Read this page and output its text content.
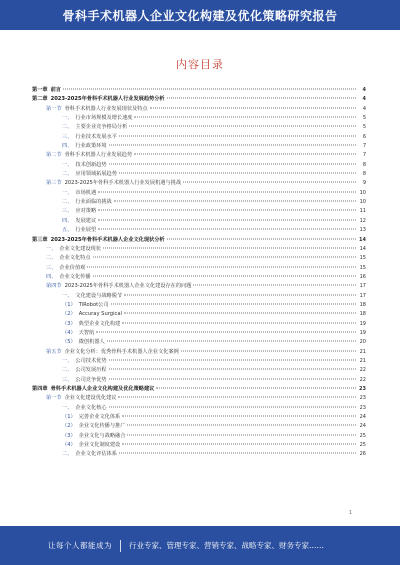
骨科手术机器人企业文化构建及优化策略研究报告
内容目录
第一章 前言	4
第二章 2023-2025年骨科手术机器人行业发展趋势分析	4
第一节 骨科手术机器人行业发展现状及特点	4
一、 行业市场规模及增长速度	5
二、 主要企业竞争格局分析	5
三、 行业技术发展水平	6
四、 行业政策环境	7
第二节 骨科手术机器人行业发展趋势	7
一、 技术创新趋势	8
二、 应用领域拓展趋势	8
第三节 2023-2025年骨科手术机器人行业发展机遇与挑战	9
一、 市场机遇	10
二、 行业面临的挑战	10
三、 应对策略	11
四、 发展建议	12
五、 行业展望	13
第三章 2023-2025年骨科手术机器人企业文化现状分析	14
一、 企业文化建设现状	14
二、 企业文化特点	15
三、 企业价值观	15
四、 企业文化传播	16
第四节 2023-2025年骨科手术机器人企业文化建设存在的问题	17
一、 文化建设与战略脱节	17
（1） TiRobot公司	18
（2） Accuray Surgical	18
（3） 典型企业文化构建	19
（4） 天智航	19
（5） 微创机器人	20
第五节 企业文化分析：优秀骨科手术机器人企业文化案例	21
一、 公司技术优势	21
二、 公司发展历程	22
三、 公司竞争优势	22
第四章 骨科手术机器人企业文化构建及优化策略建议	23
第一节 企业文化建设优化建议	23
一、 企业文化核心	23
（1） 完善企业文化体系	24
（2） 企业文化传播与推广	24
（3） 企业文化与战略融合	25
（4） 企业文化制度建设	25
二、 企业文化评估体系	26
1
让每个人都能成为 行业专家、管理专家、营销专家、战略专家、财务专家……
